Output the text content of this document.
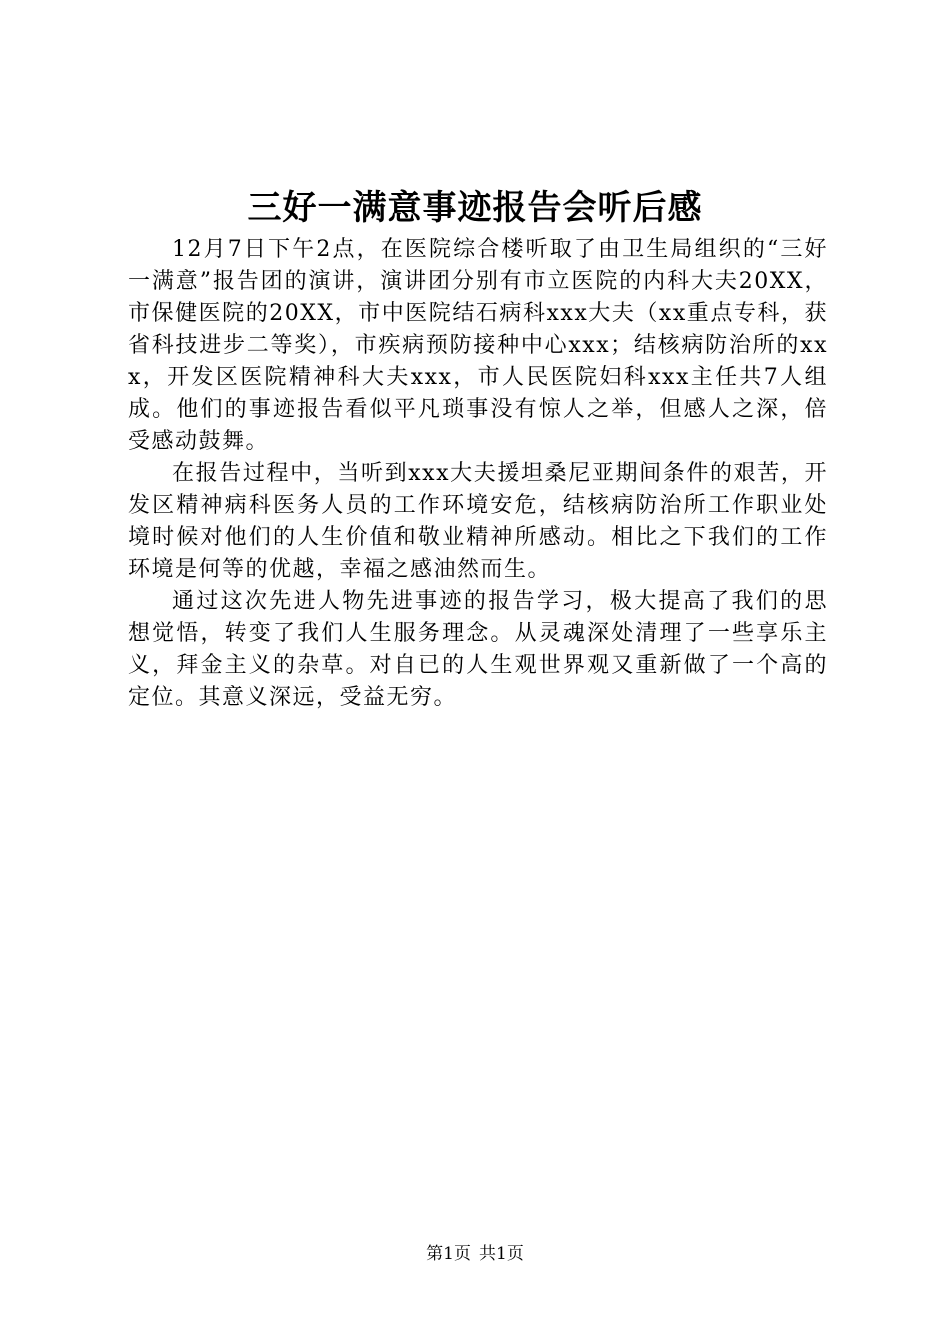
三好一满意事迹报告会听后感

12月7日下午2点，在医院综合楼听取了由卫生局组织的“三好一满意”报告团的演讲，演讲团分别有市立医院的内科大夫20XX，市保健医院的20XX，市中医院结石病科xxx大夫（xx重点专科，获省科技进步二等奖），市疾病预防接种中心xxx；结核病防治所的xxx，开发区医院精神科大夫xxx，市人民医院妇科xxx主任共7人组成。他们的事迹报告看似平凡琐事没有惊人之举，但感人之深，倍受感动鼓舞。

在报告过程中，当听到xxx大夫援坦桑尼亚期间条件的艰苦，开发区精神病科医务人员的工作环境安危，结核病防治所工作职业处境时候对他们的人生价值和敬业精神所感动。相比之下我们的工作环境是何等的优越，幸福之感油然而生。

通过这次先进人物先进事迹的报告学习，极大提高了我们的思想觉悟，转变了我们人生服务理念。从灵魂深处清理了一些享乐主义，拜金主义的杂草。对自已的人生观世界观又重新做了一个高的定位。其意义深远，受益无穷。

第1页 共1页
